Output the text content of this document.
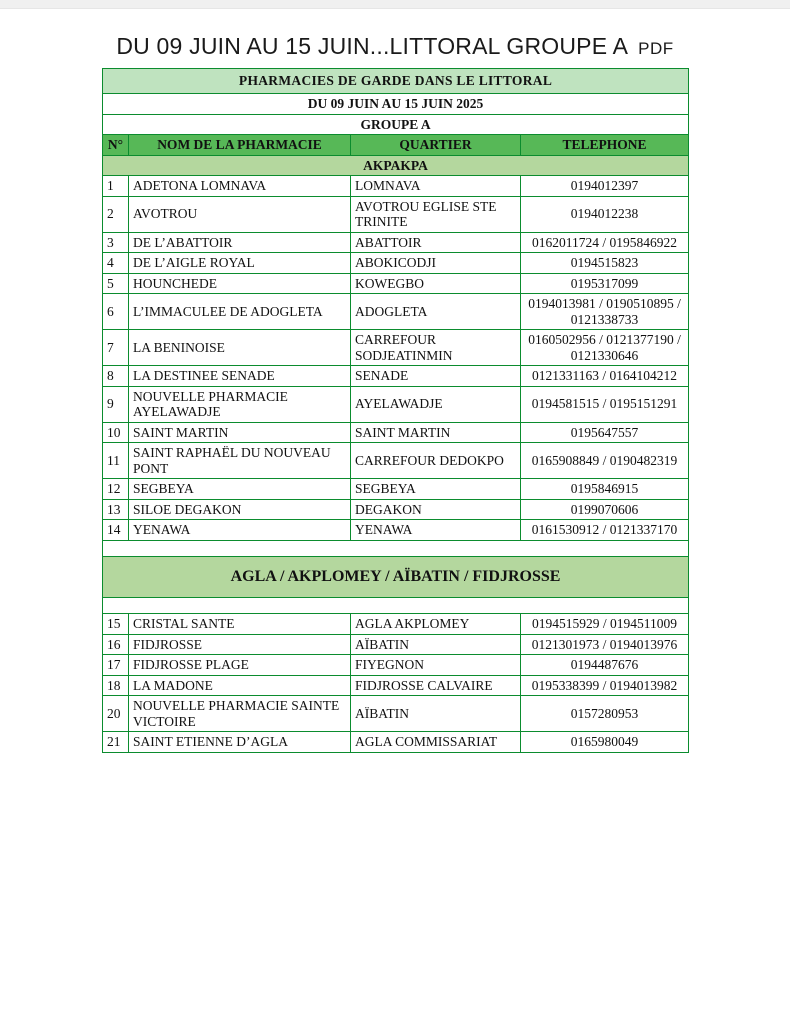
DU 09 JUIN AU 15 JUIN...LITTORAL GROUPE A PDF
PHARMACIES DE GARDE DANS LE LITTORAL			
DU 09 JUIN AU 15 JUIN 2025			
GROUPE A			
N°	NOM DE LA PHARMACIE	QUARTIER	TELEPHONE
AKPAKPA			
1	ADETONA LOMNAVA	LOMNAVA	0194012397
2	AVOTROU	AVOTROU EGLISE STE TRINITE	0194012238
3	DE L’ABATTOIR	ABATTOIR	0162011724 / 0195846922
4	DE L’AIGLE ROYAL	ABOKICODJI	0194515823
5	HOUNCHEDE	KOWEGBO	0195317099
6	L’IMMACULEE DE ADOGLETA	ADOGLETA	0194013981 / 0190510895 / 0121338733
7	LA BENINOISE	CARREFOUR SODJEATINMIN	0160502956 / 0121377190 / 0121330646
8	LA DESTINEE SENADE	SENADE	0121331163 / 0164104212
9	NOUVELLE PHARMACIE AYELAWADJE	AYELAWADJE	0194581515 / 0195151291
10	SAINT MARTIN	SAINT MARTIN	0195647557
11	SAINT RAPHAËL DU NOUVEAU PONT	CARREFOUR DEDOKPO	0165908849 / 0190482319
12	SEGBEYA	SEGBEYA	0195846915
13	SILOE DEGAKON	DEGAKON	0199070606
14	YENAWA	YENAWA	0161530912 / 0121337170

AGLA / AKPLOMEY / AÏBATIN / FIDJROSSE			

15	CRISTAL SANTE	AGLA AKPLOMEY	0194515929 / 0194511009
16	FIDJROSSE	AÏBATIN	0121301973 / 0194013976
17	FIDJROSSE PLAGE	FIYEGNON	0194487676
18	LA MADONE	FIDJROSSE CALVAIRE	0195338399 / 0194013982
20	NOUVELLE PHARMACIE SAINTE VICTOIRE	AÏBATIN	0157280953
21	SAINT ETIENNE D’AGLA	AGLA COMMISSARIAT	0165980049
